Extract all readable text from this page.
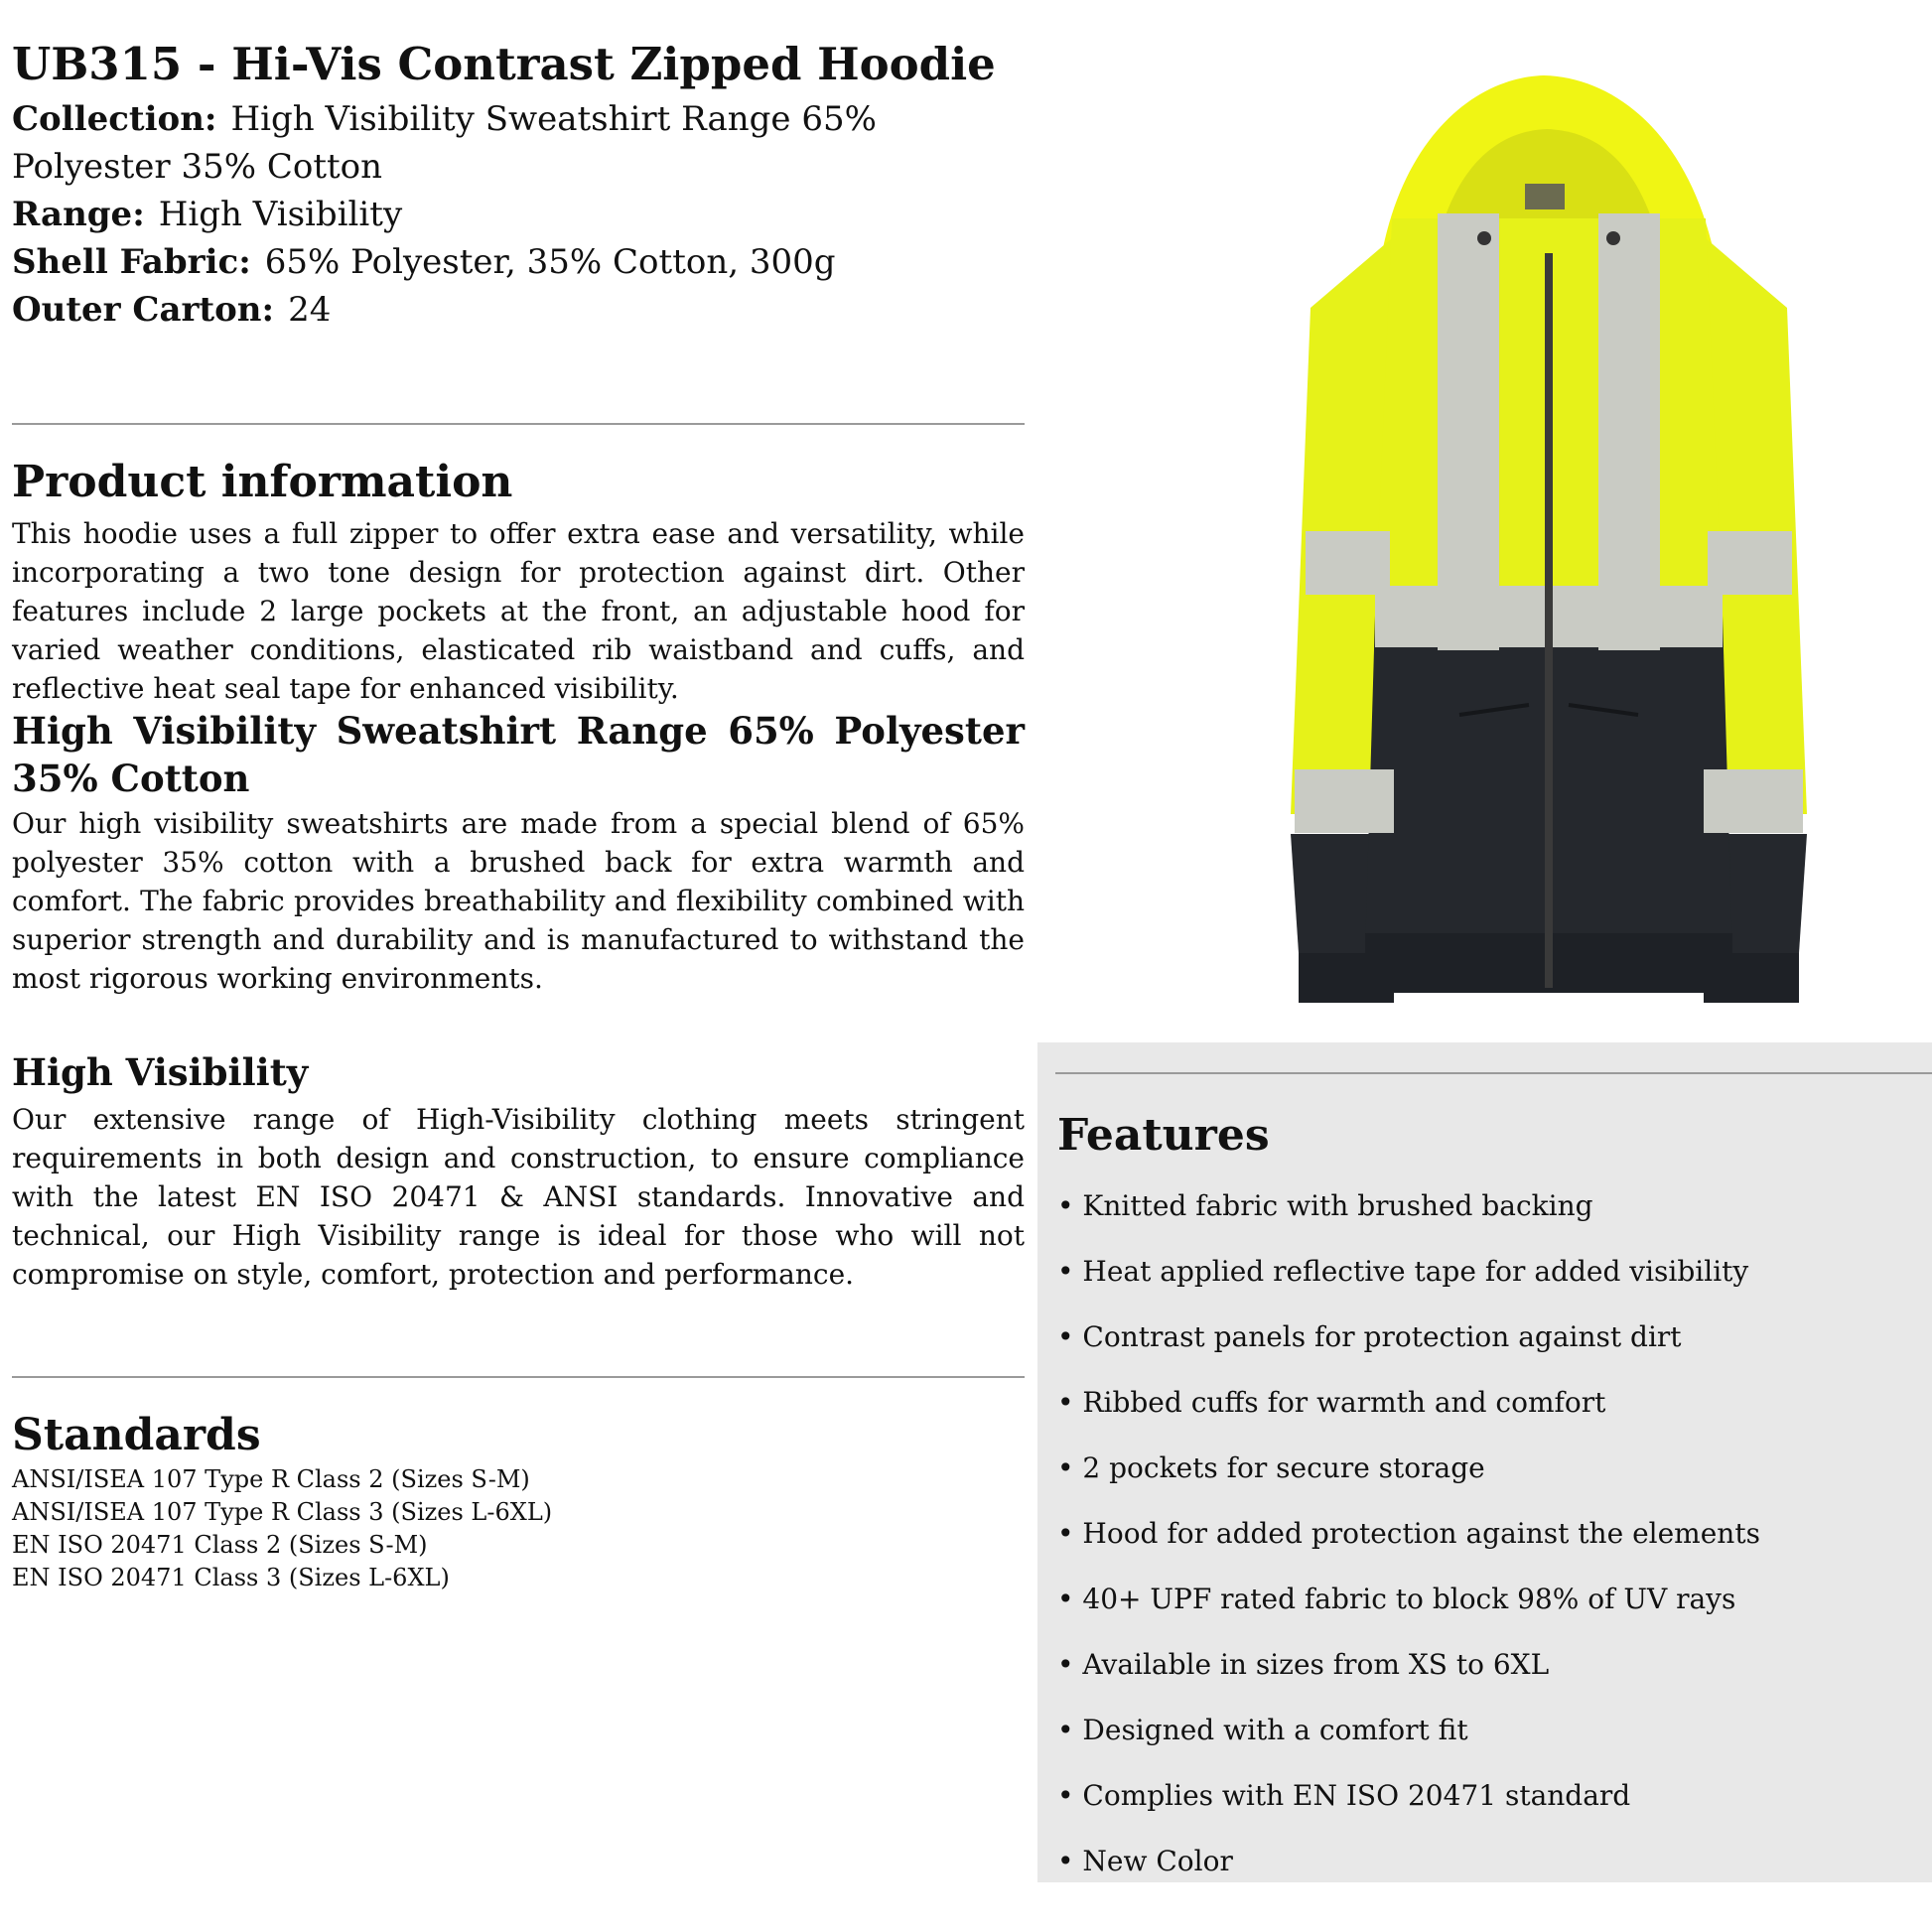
UB315 - Hi-Vis Contrast Zipped Hoodie

Collection: High Visibility Sweatshirt Range 65% Polyester 35% Cotton

Range: High Visibility

Shell Fabric: 65% Polyester, 35% Cotton, 300g

Outer Carton: 24

Product information

This hoodie uses a full zipper to offer extra ease and versatility, while incorporating a two tone design for protection against dirt. Other features include 2 large pockets at the front, an adjustable hood for varied weather conditions, elasticated rib waistband and cuffs, and reflective heat seal tape for enhanced visibility.

High Visibility Sweatshirt Range 65% Polyester 35% Cotton

Our high visibility sweatshirts are made from a special blend of 65% polyester 35% cotton with a brushed back for extra warmth and comfort. The fabric provides breathability and flexibility combined with superior strength and durability and is manufactured to withstand the most rigorous working environments.

High Visibility

Our extensive range of High-Visibility clothing meets stringent requirements in both design and construction, to ensure compliance with the latest EN ISO 20471 & ANSI standards. Innovative and technical, our High Visibility range is ideal for those who will not compromise on style, comfort, protection and performance.

Standards
ANSI/ISEA 107 Type R Class 2 (Sizes S-M)
ANSI/ISEA 107 Type R Class 3 (Sizes L-6XL)
EN ISO 20471 Class 2 (Sizes S-M)
EN ISO 20471 Class 3 (Sizes L-6XL)
Features
• Knitted fabric with brushed backing
• Heat applied reflective tape for added visibility
• Contrast panels for protection against dirt
• Ribbed cuffs for warmth and comfort
• 2 pockets for secure storage
• Hood for added protection against the elements
• 40+ UPF rated fabric to block 98% of UV rays
• Available in sizes from XS to 6XL
• Designed with a comfort fit
• Complies with EN ISO 20471 standard
• New Color
